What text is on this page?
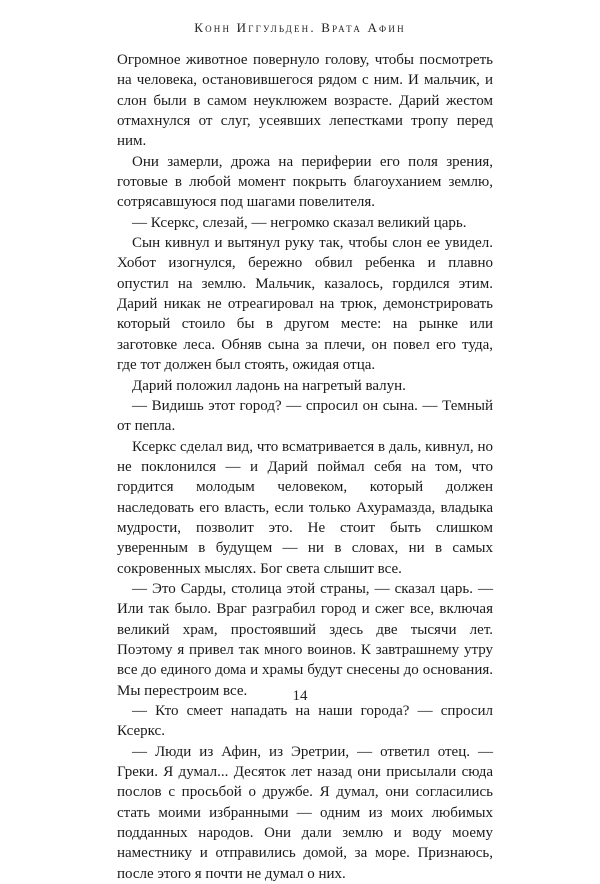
Конн Иггульден. Врата Афин

Огромное животное повернуло голову, чтобы посмотреть на человека, остановившегося рядом с ним. И мальчик, и слон были в самом неуклюжем возрасте. Дарий жестом отмахнулся от слуг, усеявших лепестками тропу перед ним.

Они замерли, дрожа на периферии его поля зрения, готовые в любой момент покрыть благоуханием землю, сотрясавшуюся под шагами повелителя.

— Ксеркс, слезай, — негромко сказал великий царь.

Сын кивнул и вытянул руку так, чтобы слон ее увидел. Хобот изогнулся, бережно обвил ребенка и плавно опустил на землю. Мальчик, казалось, гордился этим. Дарий никак не отреагировал на трюк, демонстрировать который стоило бы в другом месте: на рынке или заготовке леса. Обняв сына за плечи, он повел его туда, где тот должен был стоять, ожидая отца.

Дарий положил ладонь на нагретый валун.

— Видишь этот город? — спросил он сына. — Темный от пепла.

Ксеркс сделал вид, что всматривается в даль, кивнул, но не поклонился — и Дарий поймал себя на том, что гордится молодым человеком, который должен наследовать его власть, если только Ахурамазда, владыка мудрости, позволит это. Не стоит быть слишком уверенным в будущем — ни в словах, ни в самых сокровенных мыслях. Бог света слышит все.

— Это Сарды, столица этой страны, — сказал царь. — Или так было. Враг разграбил город и сжег все, включая великий храм, простоявший здесь две тысячи лет. Поэтому я привел так много воинов. К завтрашнему утру все до единого дома и храмы будут снесены до основания. Мы перестроим все.

— Кто смеет нападать на наши города? — спросил Ксеркс.

— Люди из Афин, из Эретрии, — ответил отец. — Греки. Я думал... Десяток лет назад они присылали сюда послов с просьбой о дружбе. Я думал, они согласились стать моими избранными — одним из моих любимых подданных народов. Они дали землю и воду моему наместнику и отправились домой, за море. Признаюсь, после этого я почти не думал о них.

14
